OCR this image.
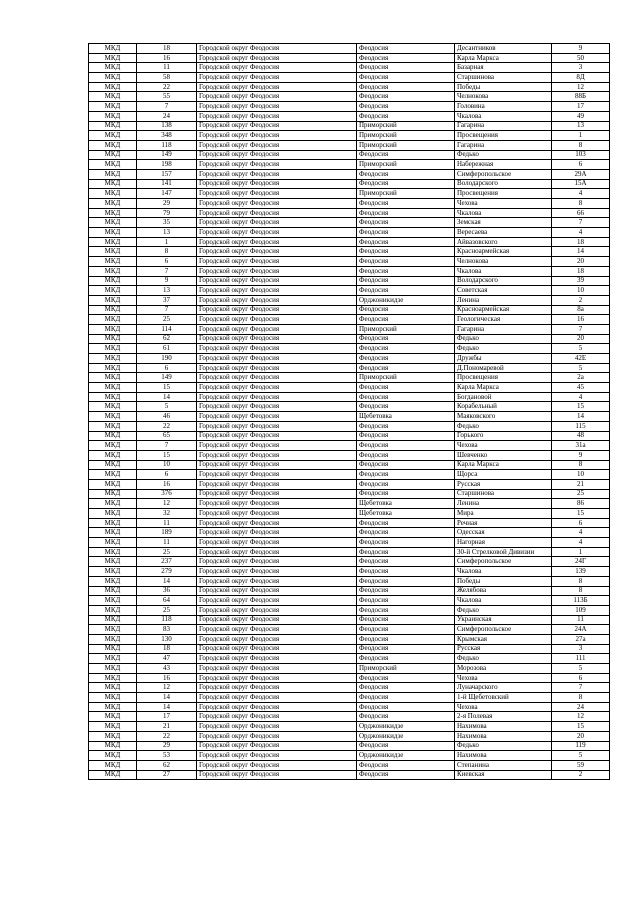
МКД	18	Городской округ Феодосия	Феодосия	Десантников	9
МКД	16	Городской округ Феодосия	Феодосия	Карла Маркса	50
МКД	11	Городской округ Феодосия	Феодосия	Базарная	3
МКД	58	Городской округ Феодосия	Феодосия	Старшинова	8Д
МКД	22	Городской округ Феодосия	Феодосия	Победы	12
МКД	55	Городской округ Феодосия	Феодосия	Челнокова	88Б
МКД	7	Городской округ Феодосия	Феодосия	Головина	17
МКД	24	Городской округ Феодосия	Феодосия	Чкалова	49
МКД	138	Городской округ Феодосия	Приморский	Гагарина	13
МКД	348	Городской округ Феодосия	Приморский	Просвещения	1
МКД	118	Городской округ Феодосия	Приморский	Гагарина	8
МКД	149	Городской округ Феодосия	Феодосия	Федько	103
МКД	198	Городской округ Феодосия	Приморский	Набережная	6
МКД	157	Городской округ Феодосия	Феодосия	Симферопольское	29А
МКД	141	Городской округ Феодосия	Феодосия	Володарского	15А
МКД	147	Городской округ Феодосия	Приморский	Просвещения	4
МКД	29	Городской округ Феодосия	Феодосия	Чехова	8
МКД	79	Городской округ Феодосия	Феодосия	Чкалова	66
МКД	35	Городской округ Феодосия	Феодосия	Земская	7
МКД	13	Городской округ Феодосия	Феодосия	Вересаева	4
МКД	1	Городской округ Феодосия	Феодосия	Айвазовского	18
МКД	8	Городской округ Феодосия	Феодосия	Красноармейская	14
МКД	6	Городской округ Феодосия	Феодосия	Челнокова	20
МКД	7	Городской округ Феодосия	Феодосия	Чкалова	18
МКД	9	Городской округ Феодосия	Феодосия	Володарского	39
МКД	13	Городской округ Феодосия	Феодосия	Советская	10
МКД	37	Городской округ Феодосия	Орджоникидзе	Ленина	2
МКД	7	Городской округ Феодосия	Феодосия	Красноармейская	8а
МКД	25	Городской округ Феодосия	Феодосия	Геологическая	16
МКД	114	Городской округ Феодосия	Приморский	Гагарина	7
МКД	62	Городской округ Феодосия	Феодосия	Федько	20
МКД	61	Городской округ Феодосия	Феодосия	Федько	5
МКД	190	Городской округ Феодосия	Феодосия	Дружбы	42Е
МКД	6	Городской округ Феодосия	Феодосия	Д.Пономаревой	5
МКД	149	Городской округ Феодосия	Приморский	Просвещения	2а
МКД	15	Городской округ Феодосия	Феодосия	Карла Маркса	45
МКД	14	Городской округ Феодосия	Феодосия	Богдановой	4
МКД	5	Городской округ Феодосия	Феодосия	Корабельный	15
МКД	46	Городской округ Феодосия	Щебетовка	Маяковского	14
МКД	22	Городской округ Феодосия	Феодосия	Федько	115
МКД	65	Городской округ Феодосия	Феодосия	Горького	48
МКД	7	Городской округ Феодосия	Феодосия	Чехова	31а
МКД	15	Городской округ Феодосия	Феодосия	Шевченко	9
МКД	10	Городской округ Феодосия	Феодосия	Карла Маркса	8
МКД	6	Городской округ Феодосия	Феодосия	Щорса	10
МКД	16	Городской округ Феодосия	Феодосия	Русская	21
МКД	376	Городской округ Феодосия	Феодосия	Старшинова	25
МКД	12	Городской округ Феодосия	Щебетовка	Ленина	86
МКД	32	Городской округ Феодосия	Щебетовка	Мира	15
МКД	11	Городской округ Феодосия	Феодосия	Речная	6
МКД	189	Городской округ Феодосия	Феодосия	Одесская	4
МКД	11	Городской округ Феодосия	Феодосия	Нагорная	4
МКД	25	Городской округ Феодосия	Феодосия	30-й Стрелковой Дивизии	1
МКД	237	Городской округ Феодосия	Феодосия	Симферопольское	24Г
МКД	279	Городской округ Феодосия	Феодосия	Чкалова	139
МКД	14	Городской округ Феодосия	Феодосия	Победы	8
МКД	36	Городской округ Феодосия	Феодосия	Желябова	8
МКД	64	Городской округ Феодосия	Феодосия	Чкалова	113Б
МКД	25	Городской округ Феодосия	Феодосия	Федько	109
МКД	118	Городской округ Феодосия	Феодосия	Украинская	11
МКД	83	Городской округ Феодосия	Феодосия	Симферопольское	24А
МКД	130	Городской округ Феодосия	Феодосия	Крымская	27а
МКД	18	Городской округ Феодосия	Феодосия	Русская	3
МКД	47	Городской округ Феодосия	Феодосия	Федько	111
МКД	43	Городской округ Феодосия	Приморский	Морозова	5
МКД	16	Городской округ Феодосия	Феодосия	Чехова	6
МКД	12	Городской округ Феодосия	Феодосия	Луначарского	7
МКД	14	Городской округ Феодосия	Феодосия	1-й Щебетовский	8
МКД	14	Городской округ Феодосия	Феодосия	Чехова	24
МКД	17	Городской округ Феодосия	Феодосия	2-я Полевая	12
МКД	21	Городской округ Феодосия	Орджоникидзе	Нахимова	15
МКД	22	Городской округ Феодосия	Орджоникидзе	Нахимова	20
МКД	29	Городской округ Феодосия	Феодосия	Федько	119
МКД	53	Городской округ Феодосия	Орджоникидзе	Нахимова	5
МКД	62	Городской округ Феодосия	Феодосия	Степанина	59
МКД	27	Городской округ Феодосия	Феодосия	Киевская	2
